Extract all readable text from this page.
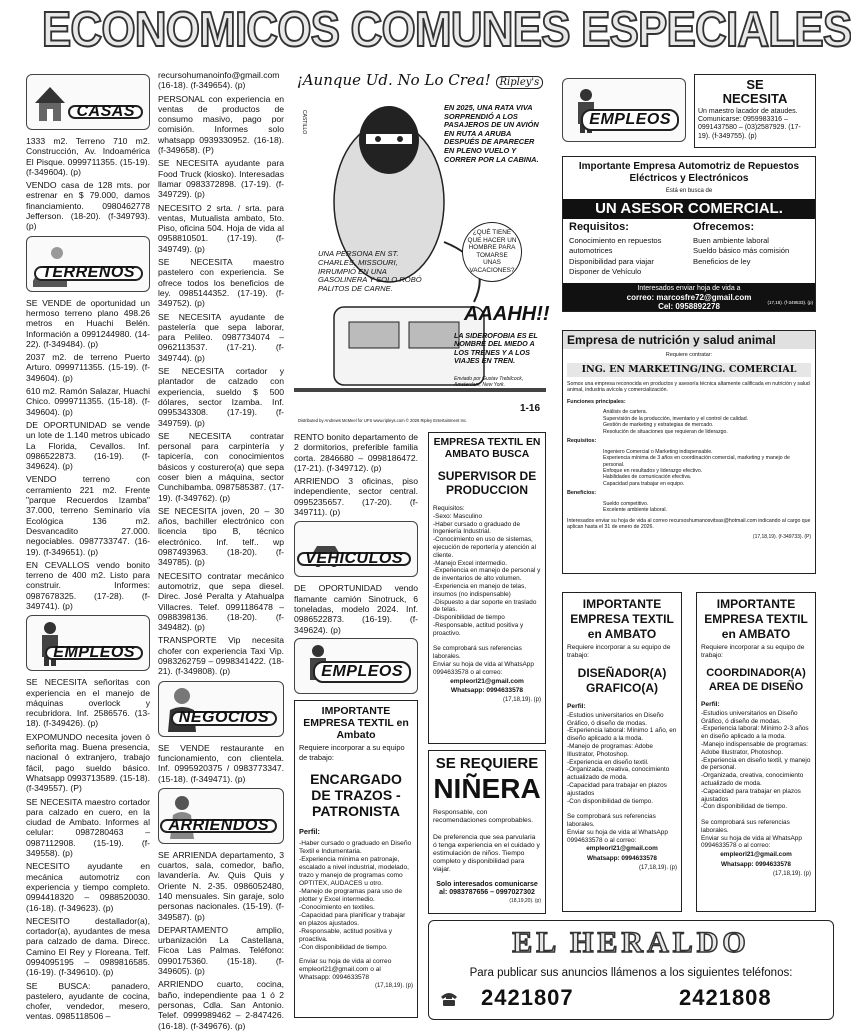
ECONOMICOS COMUNES ESPECIALES
CASAS

1333 m2. Terreno 710 m2. Construcción, Av. Indoamérica El Pisque. 0999711355. (15-19). (f-349604). (p)

VENDO casa de 128 mts. por estrenar en $ 79.000, damos financiamiento. 0980462778 Jefferson. (18-20). (f-349793). (p)

TERRENOS

SE VENDE de oportunidad un hermoso terreno plano 498.26 metros en Huachi Belén. Información a 0991244980. (14-22). (f-349484). (p)

2037 m2. de terreno Puerto Arturo. 0999711355. (15-19). (f-349604). (p)

610 m2. Ramón Salazar, Huachi Chico. 0999711355. (15-18). (f-349604). (p)

DE OPORTUNIDAD se vende un lote de 1.140 metros ubicado La Florida, Cevallos. Inf. 0986522873. (16-19). (f-349624). (p)

VENDO terreno con cerramiento 221 m2. Frente "parque Recuerdos Izamba" 37.000, terreno Seminario vía Ecológica 136 m2. Desvancadito 27.000. negociables. 0987733747. (16-19). (f-349651). (p)

EN CEVALLOS vendo bonito terreno de 400 m2. Listo para construir. Informes: 0987678325. (17-28). (f-349741). (p)

EMPLEOS

SE NECESITA señoritas con experiencia en el manejo de máquinas overlock y recubridora. Inf. 2586576. (13-18). (f-349426). (p)

EXPOMUNDO necesita joven ó señorita mag. Buena presencia, nacional ó extranjero, trabajo fácil, pago sueldo básico. Whatsapp 0993713589. (15-18). (f-349557). (P)

SE NECESITA maestro cortador para calzado en cuero, en la ciudad de Ambato. Informes al celular: 0987280463 – 0987112908. (15-19). (f-349558). (p)

NECESITO ayudante en mecánica automotriz con experiencia y tiempo completo. 0994418320 – 0988520030. (16-18). (f-349623). (p)

NECESITO destallador(a), cortador(a), ayudantes de mesa para calzado de dama. Direcc. Camino El Rey y Floreana. Telf. 0994095195 – 0989816585. (16-19). (f-349610). (p)

SE BUSCA: panadero, pastelero, ayudante de cocina, chofer, vendedor, mesero, ventas. 0985118506 –

recursohumanoinfo@gmail.com (16-18). (f-349654). (p)

PERSONAL con experiencia en ventas de productos de consumo masivo, pago por comisión. Informes solo whatsapp 0939330952. (16-18). (f-349658). (P)

SE NECESITA ayudante para Food Truck (kiosko). Interesadas llamar 0983372898. (17-19). (f-349729). (p)

NECESITO 2 srta. / srta. para ventas, Mutualista ambato, 5to. Piso, oficina 504. Hoja de vida al 0958810501. (17-19). (f-349749). (p)

SE NECESITA maestro pastelero con experiencia. Se ofrece todos los beneficios de ley. 0985144352. (17-19). (f-349752). (p)

SE NECESITA ayudante de pastelería que sepa laborar, para Pelileo. 0987734074 – 0962113537. (17-21). (f-349744). (p)

SE NECESITA cortador y plantador de calzado con experiencia, sueldo $ 500 dólares, sector Izamba. Inf. 0995343308. (17-19). (f-349759). (p)

SE NECESITA contratar personal para carpintería y tapicería, con conocimientos básicos y costurero(a) que sepa coser bien a máquina, sector Cunchibamba. 0987585387. (17-19). (f-349762). (p)

SE NECESITA joven, 20 – 30 años, bachiller electrónico con licencia tipo B, técnico electrónico. Inf. telf.. wp 0987493963. (18-20). (f-349785). (p)

NECESITO contratar mecánico automotriz, que sepa diesel. Direc. José Peralta y Atahualpa Villacres. Telef. 0991186478 – 0988398136. (18-20). (f-349482). (p)

TRANSPORTE Vip necesita chofer con experiencia Taxi Vip. 0983262759 – 0998341422. (18-21). (f-349808). (p)

NEGOCIOS

SE VENDE restaurante en funcionamiento, con clientela. Inf. 0995920375 / 0983773347. (15-18). (f-349471). (p)

ARRIENDOS

SE ARRIENDA departamento, 3 cuartos, sala, comedor, baño, lavandería. Av. Quis Quis y Oriente N. 2-35. 0986052480, 140 mensuales. Sin garaje, solo personas nacionales. (15-19). (f-349587). (p)

DEPARTAMENTO amplio, urbanización La Castellana, Ficoa Las Palmas. Teléfono: 0990175360. (15-18). (f-349605). (p)

ARRIENDO cuarto, cocina, baño, independiente paa 1 ó 2 personas, Cdla. San Antonio. Telef. 0999989462 – 2-847426. (16-18). (f-349676). (p)

¡Aunque Ud. No Lo Crea! Ripley's
CASTILLO
EN 2025, UNA RATA VIVA SORPRENDIÓ A LOS PASAJEROS DE UN AVIÓN EN RUTA A ARUBA DESPUÉS DE APARECER EN PLENO VUELO Y CORRER POR LA CABINA.
¿QUÉ TIENE QUE HACER UN HOMBRE PARA TOMARSE UNAS VACACIONES?
UNA PERSONA EN ST. CHARLES, MISSOURI, IRRUMPIÓ EN UNA GASOLINERA Y SOLO ROBÓ PALITOS DE CARNE.
AAAHH!!
LA SIDEROFOBIA ES EL NOMBRE DEL MIEDO A LOS TRENES Y A LOS VIAJES EN TREN.
Enviado por Gustav Trebilcock, Amsterdam, New York.
Distributed by Andrews McMeel for UFS www.ripleys.com © 2026 Ripley Entertainment Inc.
1-16

RENTO bonito departamento de 2 dormitorios, preferible familia corta. 2846680 – 0998186472. (17-21). (f-349712). (p)

ARRIENDO 3 oficinas, piso independiente, sector central. 0995235657. (17-20). (f-349711). (p)

VEHICULOS

DE OPORTUNIDAD vendo flamante camión Sinotruck, 6 toneladas, modelo 2024. Inf. 0986522873. (16-19). (f-349624). (p)

EMPLEOS
IMPORTANTE EMPRESA TEXTIL en Ambato
Requiere incorporar a su equipo de trabajo:
ENCARGADO DE TRAZOS - PATRONISTA
Perfil:
-Haber cursado o graduado en Diseño Textil e Indumentaria.
-Experiencia mínima en patronaje, escalado a nivel industrial, modelado, trazo y manejo de programas como OPTITEX, AUDACES u otro.
-Manejo de programas para uso de plotter y Excel intermedio.
-Conocimiento en textiles.
-Capacidad para planificar y trabajar en plazos ajustados.
-Responsable, actitud positiva y proactiva.
-Con disponibilidad de tiempo.
Enviar su hoja de vida al correo empleorl21@gmail.com o al Whatsapp: 0994633578
(17,18,19). (p)
EMPRESA TEXTIL EN AMBATO BUSCA
SUPERVISOR DE PRODUCCION
Requisitos:
-Sexo: Masculino
-Haber cursado o graduado de Ingeniería Industrial.
-Conocimiento en uso de sistemas, ejecución de reportería y atención al cliente.
-Manejo Excel intermedio.
-Experiencia en manejo de personal y de inventarios de alto volumen.
-Experiencia en manejo de telas, insumos (no indispensable)
-Dispuesto a dar soporte en traslado de telas.
-Disponibilidad de tiempo
-Responsable, actitud positiva y proactivo.

Se comprobará sus referencias laborales.
Enviar su hoja de vida al WhatsApp 0994633578 o al correo:
empleorl21@gmail.com
Whatsapp: 0994633578
(17,18,19). (p)
SE REQUIERE
NIÑERA
Responsable, con recomendaciones comprobables.

De preferencia que sea parvularia ó tenga experiencia en el cuidado y estimulación de niños. Tiempo completo y disponibilidad para viajar.
Solo interesados comunicarse al: 0983787656 – 0997027302
(18,19,20). (p)
EMPLEOS
SE NECESITA
Un maestro lacador de ataudes. Comunicarse: 0959983316 – 0991437580 – (03)2587929. (17-19). (f-349755). (p)
Importante Empresa Automotriz de Repuestos Eléctricos y Electrónicos
Está en busca de
UN ASESOR COMERCIAL.
Requisitos:
Conocimiento en repuestos automotrices
Disponibilidad para viajar
Disponer de Vehículo
Ofrecemos:
Buen ambiente laboral
Sueldo básico más comisión
Beneficios de ley
Interesados enviar hoja de vida a
correo: marcosfre72@gmail.com
Cel: 0958892278	(17,18). (f-349533). (p)
Empresa de nutrición y salud animal
Requiere contratar:
ING. EN MARKETING/ING. COMERCIAL
Somos una empresa reconocida en productos y asesoría técnica altamente calificada en nutrición y salud animal, industria avícola y comercialización.
Funciones principales:
Análisis de cartera.
Supervisión de la producción, inventario y el control de calidad.
Gestión de marketing y estrategias de mercado.
Resolución de situaciones que requieran de liderazgo.
Requisitos:
Ingeniero Comercial o Marketing indispensable.
Experiencia mínima de 3 años en coordinación comercial, marketing y manejo de personal.
Enfoque en resultados y liderazgo efectivo.
Habilidades de comunicación efectiva.
Capacidad para trabajar en equipo.
Beneficios:
Sueldo competitivo.
Excelente ambiente laboral.
Interesados enviar su hoja de vida al correo recursoshumanosvitsas@hotmail.com indicando al cargo que aplican hasta el 31 de enero de 2026.
(17,18,19). (f-349733). (P)
IMPORTANTE EMPRESA TEXTIL en AMBATO
Requiere incorporar a su equipo de trabajo:
DISEÑADOR(A) GRAFICO(A)
Perfil:
-Estudios universitarios en Diseño Gráfico, ó diseño de modas.
-Experiencia laboral: Mínimo 1 año, en diseño aplicado a la moda.
-Manejo de programas: Adobe Illustrator, Photoshop.
-Experiencia en diseño textil.
-Organizada, creativa, conocimiento actualizado de moda.
-Capacidad para trabajar en plazos ajustados
-Con disponibilidad de tiempo.

Se comprobará sus referencias laborales.
Enviar su hoja de vida al WhatsApp 0994633578 o al correo:
empleorl21@gmail.com
Whatsapp: 0994633578
(17,18,19). (p)
IMPORTANTE EMPRESA TEXTIL en AMBATO
Requiere incorporar a su equipo de trabajo:
COORDINADOR(A) AREA DE DISEÑO
Perfil:
-Estudios universitarios en Diseño Gráfico, ó diseño de modas.
-Experiencia laboral: Mínimo 2-3 años en diseño aplicado a la moda.
-Manejo indispensable de programas: Adobe Illustrator, Photoshop.
-Experiencia en diseño textil, y manejo de personal.
-Organizada, creativa, conocimiento actualizado de moda.
-Capacidad para trabajar en plazos ajustados
-Con disponibilidad de tiempo.

Se comprobará sus referencias laborales.
Enviar su hoja de vida al WhatsApp 0994633578 o al correo:
empleorl21@gmail.com
Whatsapp: 0994633578
(17,18,19). (p)
EL HERALDO
Para publicar sus anuncios llámenos a los siguientes teléfonos:
2421807	2421808
